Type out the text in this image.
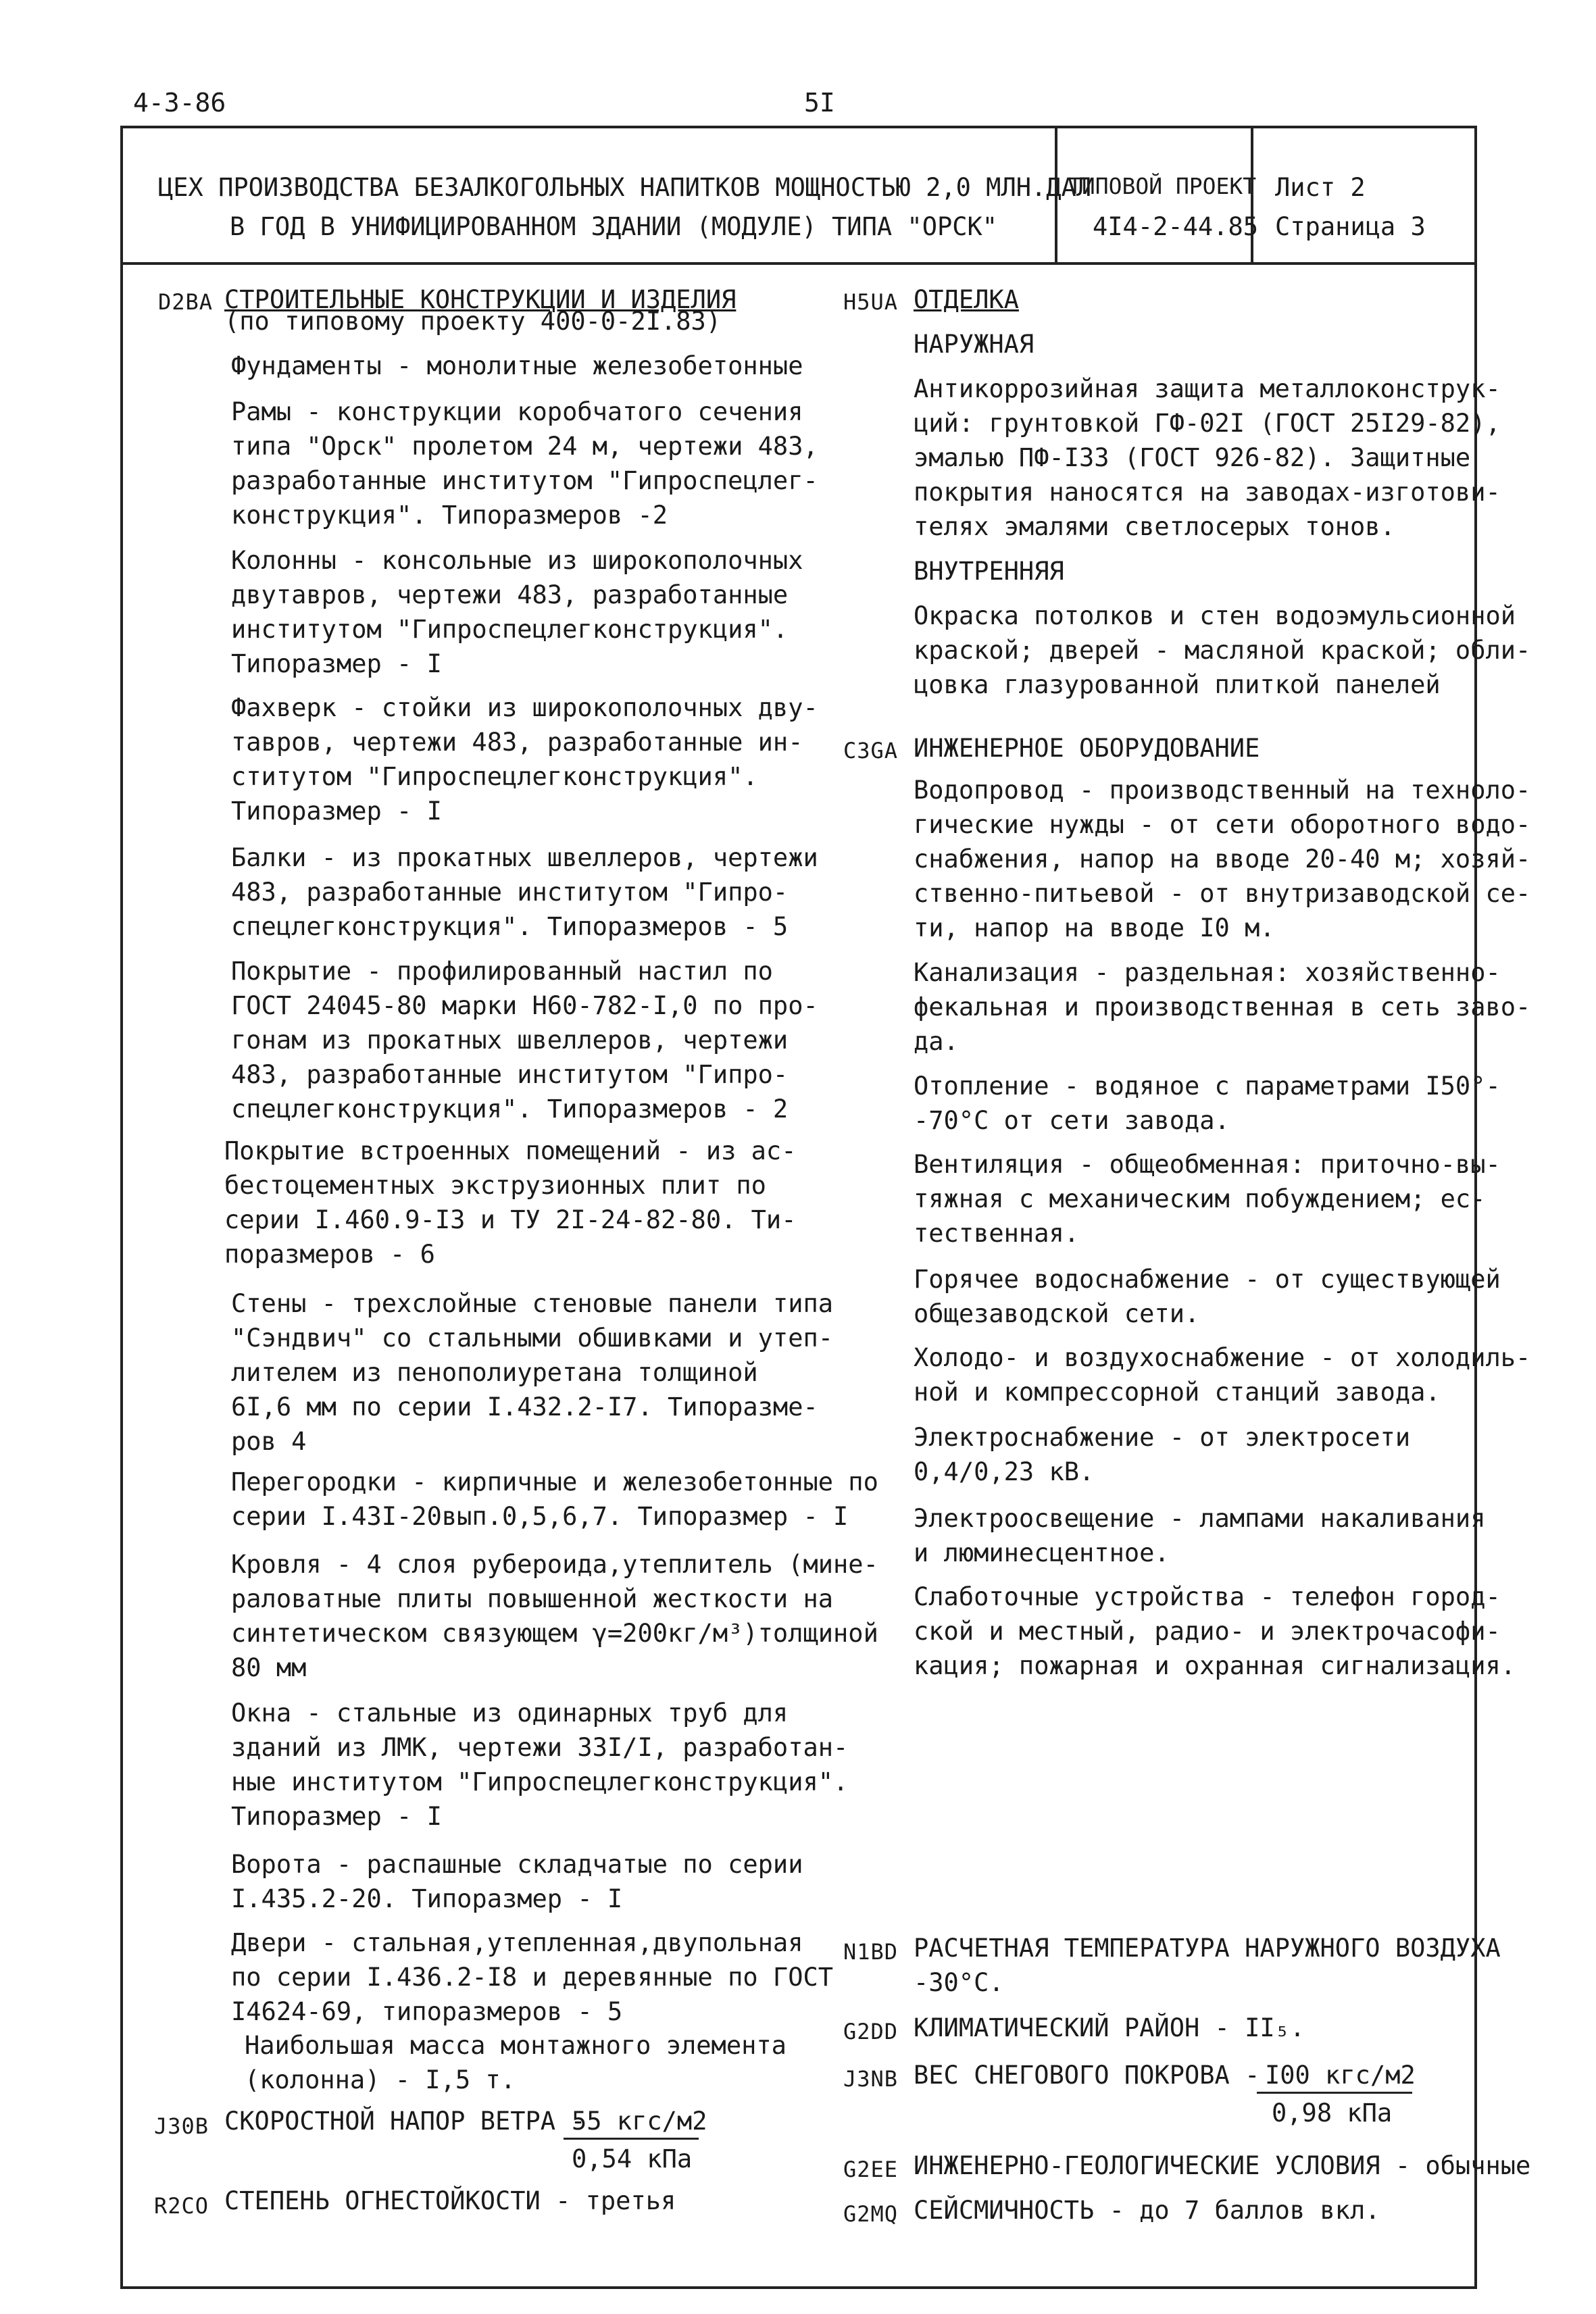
4-3-86	5I
ЦЕХ ПРОИЗВОДСТВА БЕЗАЛКОГОЛЬНЫХ НАПИТКОВ МОЩНОСТЬЮ 2,0 МЛН.ДАЛ
В ГОД В УНИФИЦИРОВАННОМ ЗДАНИИ (МОДУЛЕ) ТИПА "ОРСК"
ТИПОВОЙ ПРОЕКТ
4I4-2-44.85
Лист 2
Страница 3
D2BA СТРОИТЕЛЬНЫЕ КОНСТРУКЦИИ И ИЗДЕЛИЯ
(по типовому проекту 400-0-2I.83)
Фундаменты - монолитные железобетонные
Рамы - конструкции коробчатого сечения
типа "Орск" пролетом 24 м, чертежи 483,
разработанные институтом "Гипроспецлег-
конструкция". Типоразмеров -2
Колонны - консольные из широкополочных
двутавров, чертежи 483, разработанные
институтом "Гипроспецлегконструкция".
Типоразмер - I
Фахверк - стойки из широкополочных дву-
тавров, чертежи 483, разработанные ин-
ститутом "Гипроспецлегконструкция".
Типоразмер - I
Балки - из прокатных швеллеров, чертежи
483, разработанные институтом "Гипро-
спецлегконструкция". Типоразмеров - 5
Покрытие - профилированный настил по
ГОСТ 24045-80 марки Н60-782-I,0 по про-
гонам из прокатных швеллеров, чертежи
483, разработанные институтом "Гипро-
спецлегконструкция". Типоразмеров - 2
Покрытие встроенных помещений - из ас-
бестоцементных экструзионных плит по
серии I.460.9-I3 и ТУ 2I-24-82-80. Ти-
поразмеров - 6
Стены - трехслойные стеновые панели типа
"Сэндвич" со стальными обшивками и утеп-
лителем из пенополиуретана толщиной
6I,6 мм по серии I.432.2-I7. Типоразме-
ров 4
Перегородки - кирпичные и железобетонные по
серии I.43I-20вып.0,5,6,7. Типоразмер - I
Кровля - 4 слоя рубероида,утеплитель (мине-
раловатные плиты повышенной жесткости на
синтетическом связующем γ=200кг/м³)толщиной
80 мм
Окна - стальные из одинарных труб для
зданий из ЛМК, чертежи 33I/I, разработан-
ные институтом "Гипроспецлегконструкция".
Типоразмер - I
Ворота - распашные складчатые по серии
I.435.2-20. Типоразмер - I
Двери - стальная,утепленная,двупольная
по серии I.436.2-I8 и деревянные по ГОСТ
I4624-69, типоразмеров - 5
Наибольшая масса монтажного элемента
(колонна) - I,5 т.
J30B СКОРОСТНОЙ НАПОР ВЕТРА -
55 кгс/м2
0,54 кПа
R2CO СТЕПЕНЬ ОГНЕСТОЙКОСТИ - третья
H5UA ОТДЕЛКА
НАРУЖНАЯ
Антикоррозийная защита металлоконструк-
ций: грунтовкой ГФ-02I (ГОСТ 25I29-82),
эмалью ПФ-I33 (ГОСТ 926-82). Защитные
покрытия наносятся на заводах-изготови-
телях эмалями светлосерых тонов.
ВНУТРЕННЯЯ
Окраска потолков и стен водоэмульсионной
краской; дверей - масляной краской; обли-
цовка глазурованной плиткой панелей
C3GA ИНЖЕНЕРНОЕ ОБОРУДОВАНИЕ
Водопровод - производственный на техноло-
гические нужды - от сети оборотного водо-
снабжения, напор на вводе 20-40 м; хозяй-
ственно-питьевой - от внутризаводской се-
ти, напор на вводе I0 м.
Канализация - раздельная: хозяйственно-
фекальная и производственная в сеть заво-
да.
Отопление - водяное с параметрами I50°-
-70°С от сети завода.
Вентиляция - общеобменная: приточно-вы-
тяжная с механическим побуждением; ес-
тественная.
Горячее водоснабжение - от существующей
общезаводской сети.
Холодо- и воздухоснабжение - от холодиль-
ной и компрессорной станций завода.
Электроснабжение - от электросети
0,4/0,23 кВ.
Электроосвещение - лампами накаливания
и люминесцентное.
Слаботочные устройства - телефон город-
ской и местный, радио- и электрочасофи-
кация; пожарная и охранная сигнализация.
N1BD РАСЧЕТНАЯ ТЕМПЕРАТУРА НАРУЖНОГО ВОЗДУХА
-30°С.
G2DD КЛИМАТИЧЕСКИЙ РАЙОН - II₅.
J3NB ВЕС СНЕГОВОГО ПОКРОВА - I00 кгс/м2
0,98 кПа
G2EE ИНЖЕНЕРНО-ГЕОЛОГИЧЕСКИЕ УСЛОВИЯ - обычные
G2MQ СЕЙСМИЧНОСТЬ - до 7 баллов вкл.
